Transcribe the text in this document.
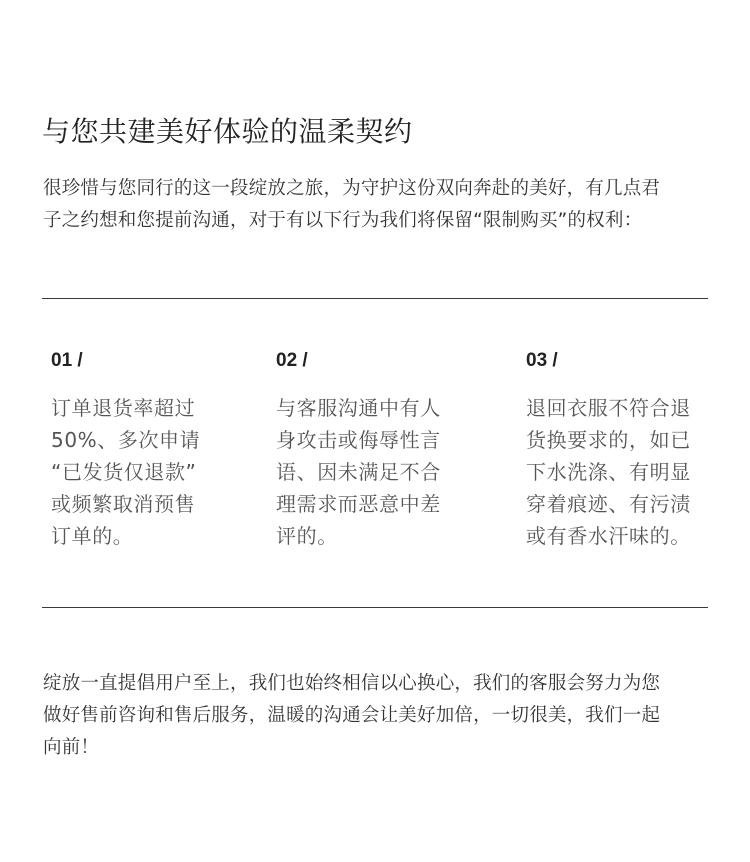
与您共建美好体验的温柔契约
很珍惜与您同行的这一段绽放之旅，为守护这份双向奔赴的美好，有几点君
子之约想和您提前沟通，对于有以下行为我们将保留“限制购买”的权利：
01 /
订单退货率超过
50%、多次申请
“已发货仅退款”
或频繁取消预售
订单的。
02 /
与客服沟通中有人
身攻击或侮辱性言
语、因未满足不合
理需求而恶意中差
评的。
03 /
退回衣服不符合退
货换要求的，如已
下水洗涤、有明显
穿着痕迹、有污渍
或有香水汗味的。
绽放一直提倡用户至上，我们也始终相信以心换心，我们的客服会努力为您
做好售前咨询和售后服务，温暖的沟通会让美好加倍，一切很美，我们一起
向前！
